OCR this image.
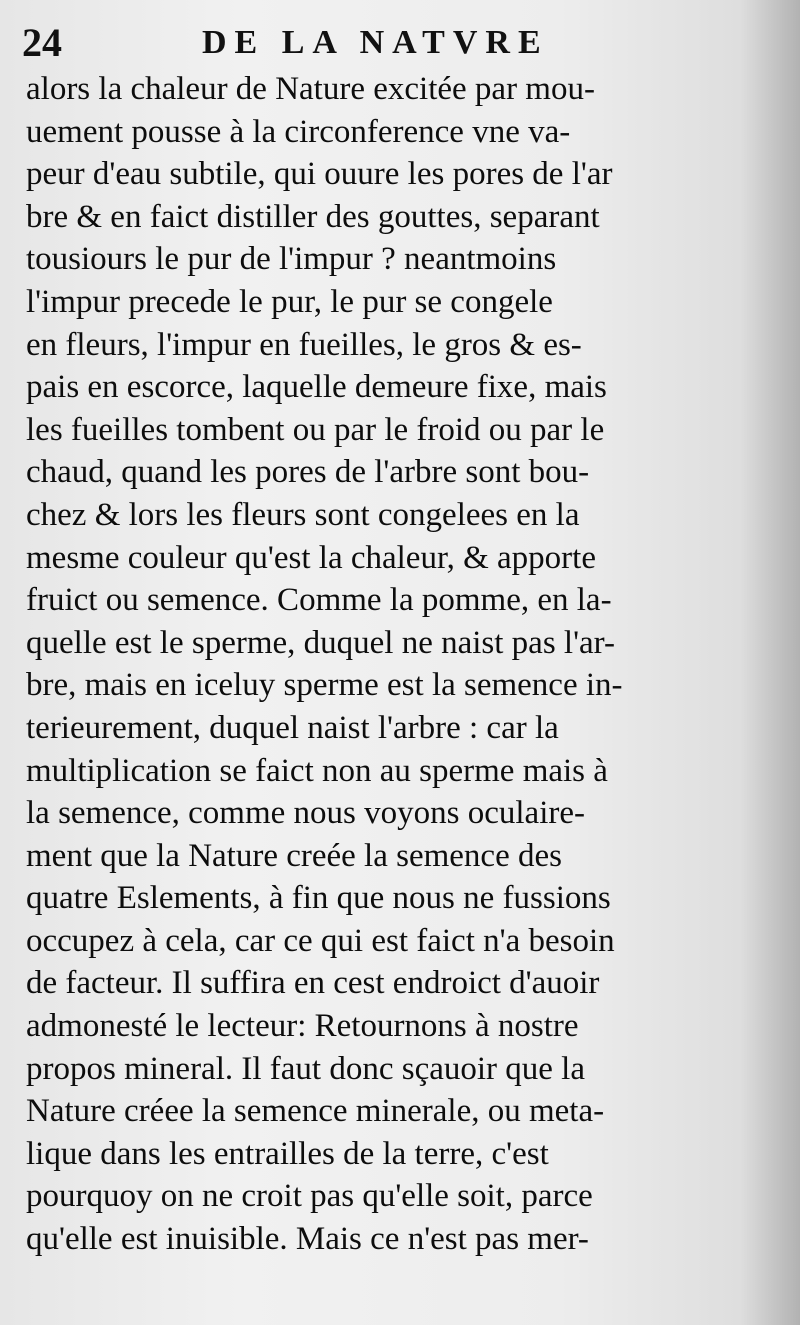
24	DE LA NATVRE
alors la chaleur de Nature excitée par mou-
uement pousse à la circonference vne va-
peur d'eau subtile, qui ouure les pores de l'ar
bre & en faict distiller des gouttes, separant
tousiours le pur de l'impur ? neantmoins
l'impur precede le pur, le pur se congele
en fleurs, l'impur en fueilles, le gros & es-
pais en escorce, laquelle demeure fixe, mais
les fueilles tombent ou par le froid ou par le
chaud, quand les pores de l'arbre sont bou-
chez & lors les fleurs sont congelees en la
mesme couleur qu'est la chaleur, & apporte
fruict ou semence. Comme la pomme, en la-
quelle est le sperme, duquel ne naist pas l'ar-
bre, mais en iceluy sperme est la semence in-
terieurement, duquel naist l'arbre : car la
multiplication se faict non au sperme mais à
la semence, comme nous voyons oculaire-
ment que la Nature creée la semence des
quatre Eslements, à fin que nous ne fussions
occupez à cela, car ce qui est faict n'a besoin
de facteur. Il suffira en cest endroict d'auoir
admonesté le lecteur: Retournons à nostre
propos mineral. Il faut donc sçauoir que la
Nature créee la semence minerale, ou meta-
lique dans les entrailles de la terre, c'est
pourquoy on ne croit pas qu'elle soit, parce
qu'elle est inuisible. Mais ce n'est pas mer-
